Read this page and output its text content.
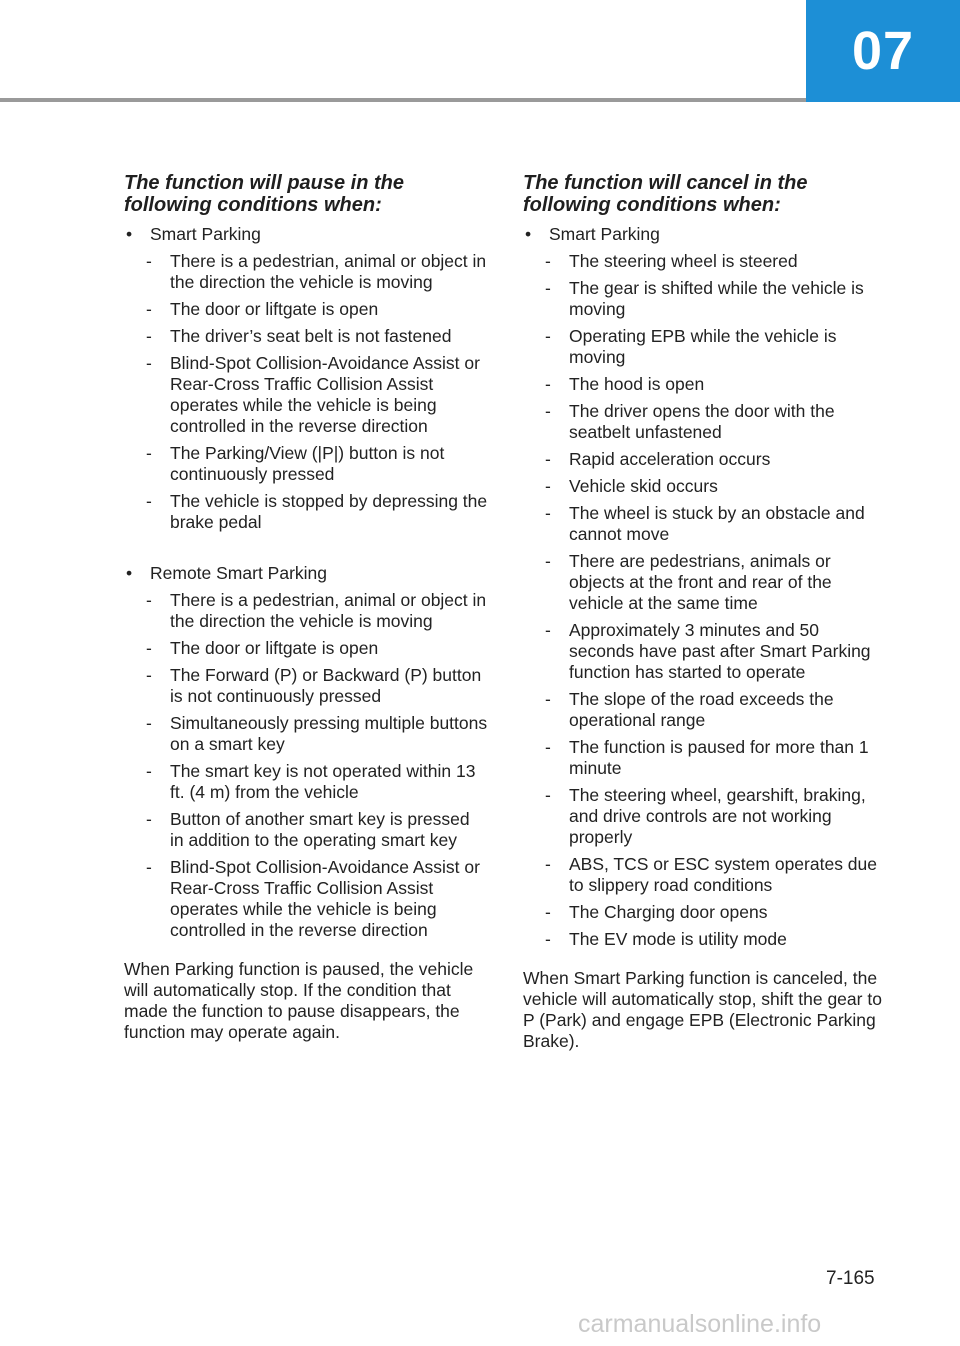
07
The function will pause in the following conditions when:
• Smart Parking
- There is a pedestrian, animal or object in the direction the vehicle is moving
- The door or liftgate is open
- The driver’s seat belt is not fastened
- Blind-Spot Collision-Avoidance Assist or Rear-Cross Traffic Collision Assist operates while the vehicle is being controlled in the reverse direction
- The Parking/View (|P|) button is not continuously pressed
- The vehicle is stopped by depressing the brake pedal
• Remote Smart Parking
- There is a pedestrian, animal or object in the direction the vehicle is moving
- The door or liftgate is open
- The Forward (P) or Backward (P) button is not continuously pressed
- Simultaneously pressing multiple buttons on a smart key
- The smart key is not operated within 13 ft. (4 m) from the vehicle
- Button of another smart key is pressed in addition to the operating smart key
- Blind-Spot Collision-Avoidance Assist or Rear-Cross Traffic Collision Assist operates while the vehicle is being controlled in the reverse direction
When Parking function is paused, the vehicle will automatically stop. If the condition that made the function to pause disappears, the function may operate again.
The function will cancel in the following conditions when:
• Smart Parking
- The steering wheel is steered
- The gear is shifted while the vehicle is moving
- Operating EPB while the vehicle is moving
- The hood is open
- The driver opens the door with the seatbelt unfastened
- Rapid acceleration occurs
- Vehicle skid occurs
- The wheel is stuck by an obstacle and cannot move
- There are pedestrians, animals or objects at the front and rear of the vehicle at the same time
- Approximately 3 minutes and 50 seconds have past after Smart Parking function has started to operate
- The slope of the road exceeds the operational range
- The function is paused for more than 1 minute
- The steering wheel, gearshift, braking, and drive controls are not working properly
- ABS, TCS or ESC system operates due to slippery road conditions
- The Charging door opens
- The EV mode is utility mode
When Smart Parking function is canceled, the vehicle will automatically stop, shift the gear to P (Park) and engage EPB (Electronic Parking Brake).
7-165
carmanualsonline.info
